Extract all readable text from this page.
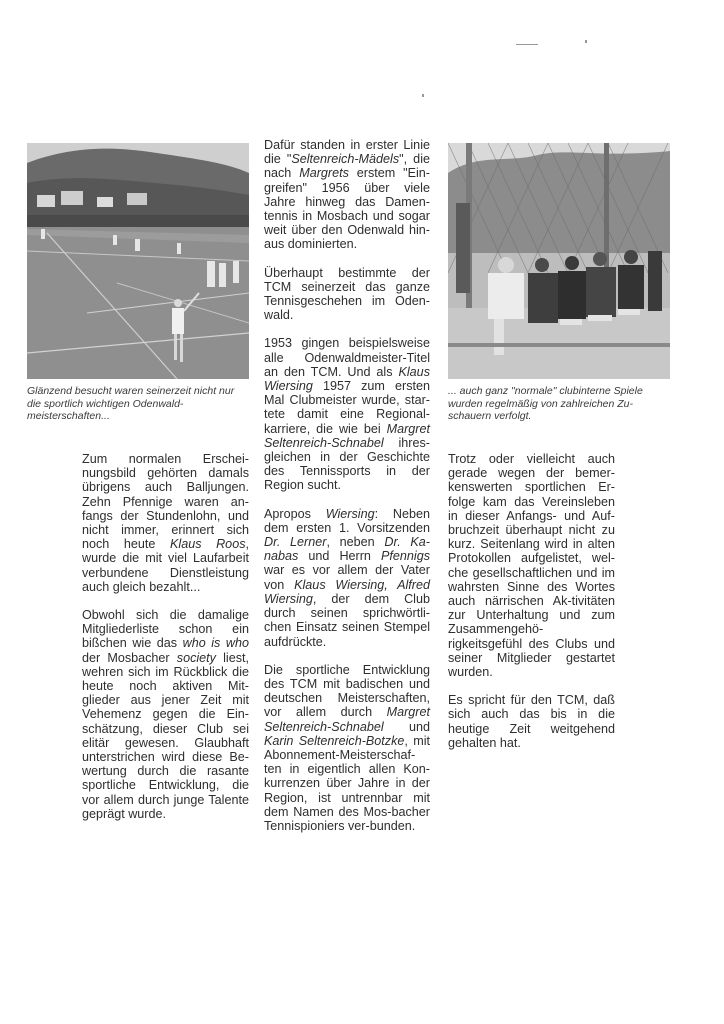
Glänzend besucht waren seinerzeit nicht nur die sportlich wichtigen Odenwald-meisterschaften...
... auch ganz "normale" clubinterne Spiele wurden regelmäßig von zahlreichen Zu-schauern verfolgt.

Zum normalen Erschei-nungsbild gehörten damals übrigens auch Balljungen. Zehn Pfennige waren an-fangs der Stundenlohn, und nicht immer, erinnert sich noch heute Klaus Roos, wurde die mit viel Laufarbeit verbundene Dienstleistung auch gleich bezahlt...

Obwohl sich die damalige Mitgliederliste schon ein bißchen wie das who is who der Mosbacher society liest, wehren sich im Rückblick die heute noch aktiven Mit-glieder aus jener Zeit mit Vehemenz gegen die Ein-schätzung, dieser Club sei elitär gewesen. Glaubhaft unterstrichen wird diese Be-wertung durch die rasante sportliche Entwicklung, die vor allem durch junge Talente geprägt wurde.

Dafür standen in erster Linie die "Seltenreich-Mädels", die nach Margrets erstem "Ein-greifen" 1956 über viele Jahre hinweg das Damen-tennis in Mosbach und sogar weit über den Odenwald hin-aus dominierten.

Überhaupt bestimmte der TCM seinerzeit das ganze Tennisgeschehen im Oden-wald.

1953 gingen beispielsweise alle Odenwaldmeister-Titel an den TCM. Und als Klaus Wiersing 1957 zum ersten Mal Clubmeister wurde, star-tete damit eine Regional-karriere, die wie bei Margret Seltenreich-Schnabel ihres-gleichen in der Geschichte des Tennissports in der Region sucht.

Apropos Wiersing: Neben dem ersten 1. Vorsitzenden Dr. Lerner, neben Dr. Ka-nabas und Herrn Pfennigs war es vor allem der Vater von Klaus Wiersing, Alfred Wiersing, der dem Club durch seinen sprichwörtli-chen Einsatz seinen Stempel aufdrückte.

Die sportliche Entwicklung des TCM mit badischen und deutschen Meisterschaften, vor allem durch Margret Seltenreich-Schnabel und Karin Seltenreich-Botzke, mit Abonnement-Meisterschaf-ten in eigentlich allen Kon-kurrenzen über Jahre in der Region, ist untrennbar mit dem Namen des Mos-bacher Tennispioniers ver-bunden.

Trotz oder vielleicht auch gerade wegen der bemer-kenswerten sportlichen Er-folge kam das Vereinsleben in dieser Anfangs- und Auf-bruchzeit überhaupt nicht zu kurz. Seitenlang wird in alten Protokollen aufgelistet, wel-che gesellschaftlichen und im wahrsten Sinne des Wortes auch närrischen Ak-tivitäten zur Unterhaltung und zum Zusammengehö-rigkeitsgefühl des Clubs und seiner Mitglieder gestartet wurden.

Es spricht für den TCM, daß sich auch das bis in die heutige Zeit weitgehend gehalten hat.
